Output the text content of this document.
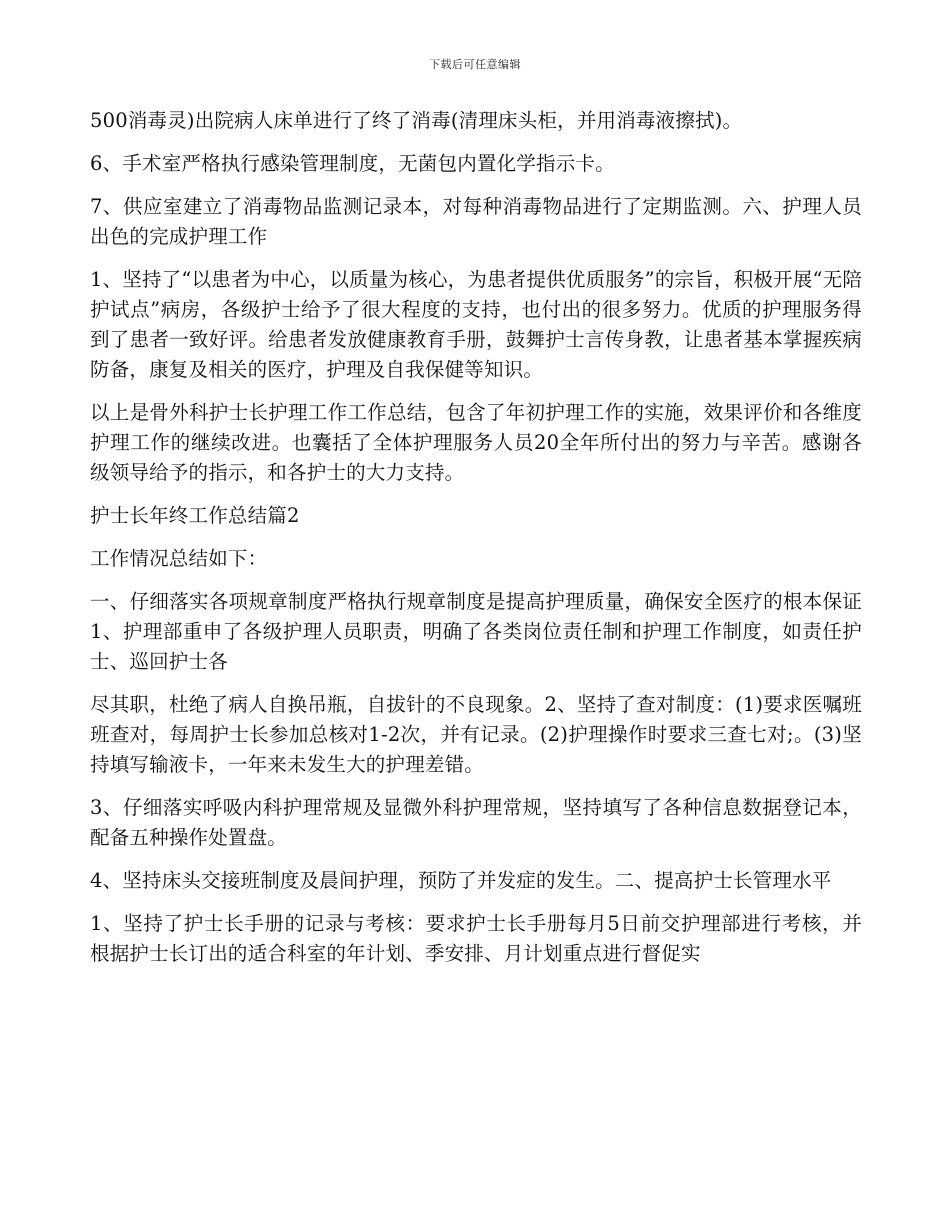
下载后可任意编辑

500消毒灵)出院病人床单进行了终了消毒(清理床头柜，并用消毒液擦拭)。

6、手术室严格执行感染管理制度，无菌包内置化学指示卡。

7、供应室建立了消毒物品监测记录本，对每种消毒物品进行了定期监测。六、护理人员出色的完成护理工作

1、坚持了“以患者为中心，以质量为核心，为患者提供优质服务”的宗旨，积极开展“无陪护试点”病房，各级护士给予了很大程度的支持，也付出的很多努力。优质的护理服务得到了患者一致好评。给患者发放健康教育手册，鼓舞护士言传身教，让患者基本掌握疾病防备，康复及相关的医疗，护理及自我保健等知识。

以上是骨外科护士长护理工作工作总结，包含了年初护理工作的实施，效果评价和各维度护理工作的继续改进。也囊括了全体护理服务人员20全年所付出的努力与辛苦。感谢各级领导给予的指示，和各护士的大力支持。

护士长年终工作总结篇2

工作情况总结如下：

一、仔细落实各项规章制度严格执行规章制度是提高护理质量，确保安全医疗的根本保证1、护理部重申了各级护理人员职责，明确了各类岗位责任制和护理工作制度，如责任护士、巡回护士各

尽其职，杜绝了病人自换吊瓶，自拔针的不良现象。2、坚持了查对制度：(1)要求医嘱班班查对，每周护士长参加总核对1-2次，并有记录。(2)护理操作时要求三查七对;。(3)坚持填写输液卡，一年来未发生大的护理差错。

3、仔细落实呼吸内科护理常规及显微外科护理常规，坚持填写了各种信息数据登记本，配备五种操作处置盘。

4、坚持床头交接班制度及晨间护理，预防了并发症的发生。二、提高护士长管理水平

1、坚持了护士长手册的记录与考核：要求护士长手册每月5日前交护理部进行考核，并根据护士长订出的适合科室的年计划、季安排、月计划重点进行督促实
